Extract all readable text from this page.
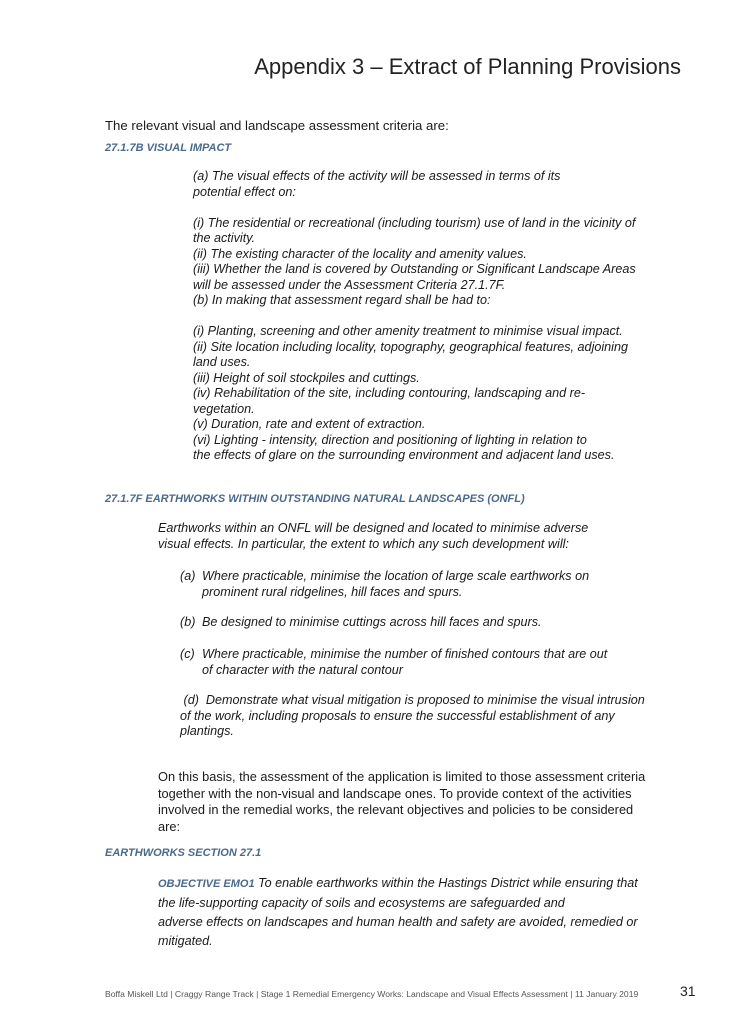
Appendix 3 – Extract of Planning Provisions
The relevant visual and landscape assessment criteria are:
27.1.7B VISUAL IMPACT
(a) The visual effects of the activity will be assessed in terms of its
potential effect on:
(i) The residential or recreational (including tourism) use of land in the vicinity of
the activity.
(ii) The existing character of the locality and amenity values.
(iii) Whether the land is covered by Outstanding or Significant Landscape Areas
will be assessed under the Assessment Criteria 27.1.7F.
(b) In making that assessment regard shall be had to:
(i) Planting, screening and other amenity treatment to minimise visual impact.
(ii) Site location including locality, topography, geographical features, adjoining
land uses.
(iii) Height of soil stockpiles and cuttings.
(iv) Rehabilitation of the site, including contouring, landscaping and re-
vegetation.
(v) Duration, rate and extent of extraction.
(vi) Lighting - intensity, direction and positioning of lighting in relation to
the effects of glare on the surrounding environment and adjacent land uses.
27.1.7F EARTHWORKS WITHIN OUTSTANDING NATURAL LANDSCAPES (ONFL)
Earthworks within an ONFL will be designed and located to minimise adverse
visual effects. In particular, the extent to which any such development will:
(a) Where practicable, minimise the location of large scale earthworks on
prominent rural ridgelines, hill faces and spurs.
(b) Be designed to minimise cuttings across hill faces and spurs.
(c) Where practicable, minimise the number of finished contours that are out
of character with the natural contour
(d)  Demonstrate what visual mitigation is proposed to minimise the visual intrusion
of the work, including proposals to ensure the successful establishment of any
plantings.
On this basis, the assessment of the application is limited to those assessment criteria
together with the non-visual and landscape ones. To provide context of the activities
involved in the remedial works, the relevant objectives and policies to be considered
are:
EARTHWORKS SECTION 27.1
OBJECTIVE EMO1 To enable earthworks within the Hastings District while ensuring that
the life-supporting capacity of soils and ecosystems are safeguarded and
adverse effects on landscapes and human health and safety are avoided, remedied or
mitigated.
Boffa Miskell Ltd | Craggy Range Track | Stage 1 Remedial Emergency Works: Landscape and Visual Effects Assessment | 11 January 2019	31
